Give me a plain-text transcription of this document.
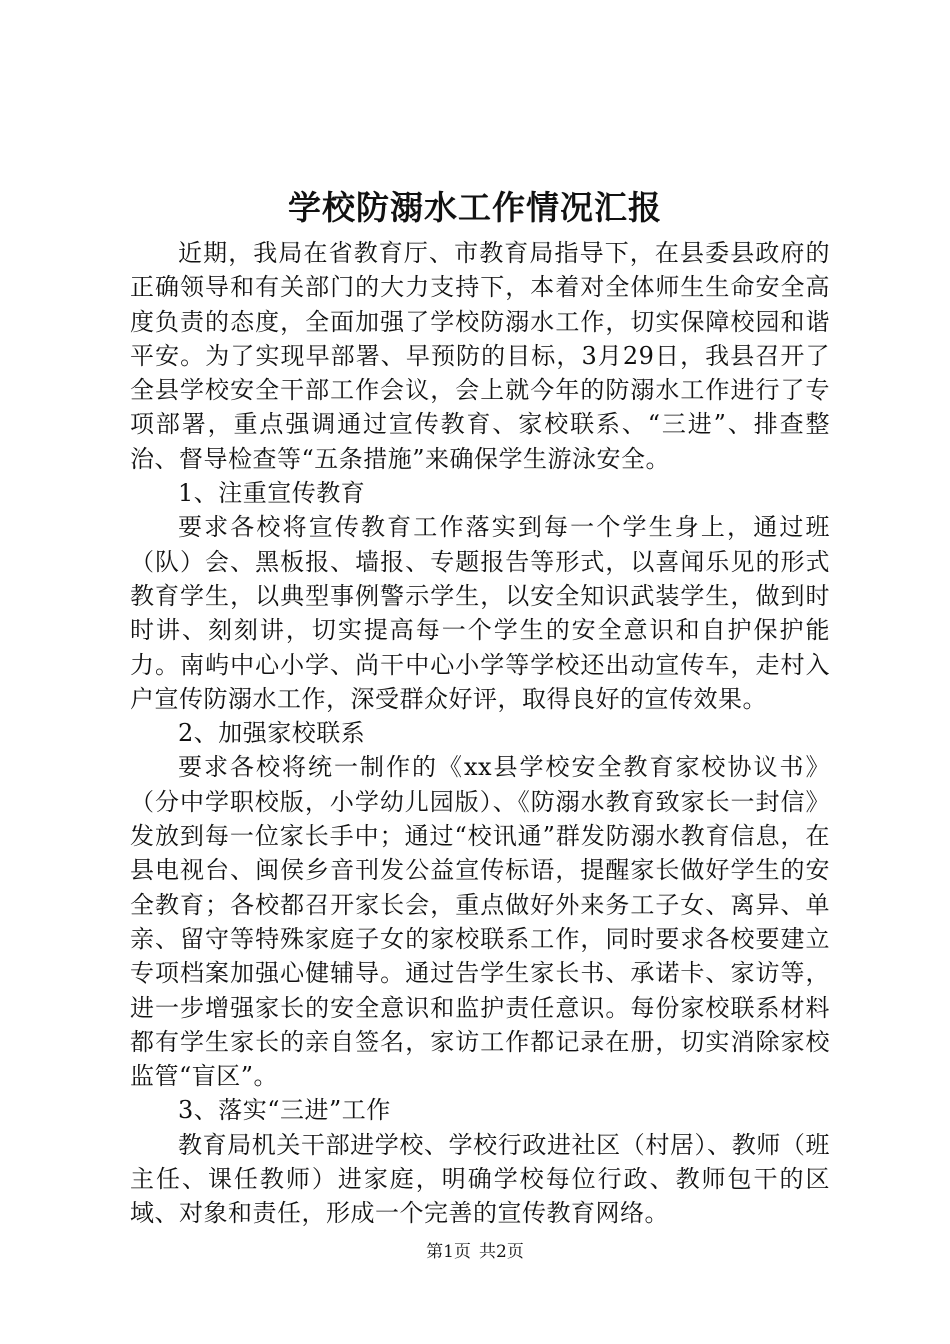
学校防溺水工作情况汇报

近期，我局在省教育厅、市教育局指导下，在县委县政府的正确领导和有关部门的大力支持下，本着对全体师生生命安全高度负责的态度，全面加强了学校防溺水工作，切实保障校园和谐平安。为了实现早部署、早预防的目标，3月29日，我县召开了全县学校安全干部工作会议，会上就今年的防溺水工作进行了专项部署，重点强调通过宣传教育、家校联系、“三进”、排查整治、督导检查等“五条措施”来确保学生游泳安全。

1、注重宣传教育

要求各校将宣传教育工作落实到每一个学生身上，通过班（队）会、黑板报、墙报、专题报告等形式，以喜闻乐见的形式教育学生，以典型事例警示学生，以安全知识武装学生，做到时时讲、刻刻讲，切实提高每一个学生的安全意识和自护保护能力。南屿中心小学、尚干中心小学等学校还出动宣传车，走村入户宣传防溺水工作，深受群众好评，取得良好的宣传效果。

2、加强家校联系

要求各校将统一制作的《xx县学校安全教育家校协议书》（分中学职校版，小学幼儿园版）、《防溺水教育致家长一封信》发放到每一位家长手中；通过“校讯通”群发防溺水教育信息，在县电视台、闽侯乡音刊发公益宣传标语，提醒家长做好学生的安全教育；各校都召开家长会，重点做好外来务工子女、离异、单亲、留守等特殊家庭子女的家校联系工作，同时要求各校要建立专项档案加强心健辅导。通过告学生家长书、承诺卡、家访等，进一步增强家长的安全意识和监护责任意识。每份家校联系材料都有学生家长的亲自签名，家访工作都记录在册，切实消除家校监管“盲区”。

3、落实“三进”工作

教育局机关干部进学校、学校行政进社区（村居）、教师（班主任、课任教师）进家庭，明确学校每位行政、教师包干的区域、对象和责任，形成一个完善的宣传教育网络。

第1页 共2页
